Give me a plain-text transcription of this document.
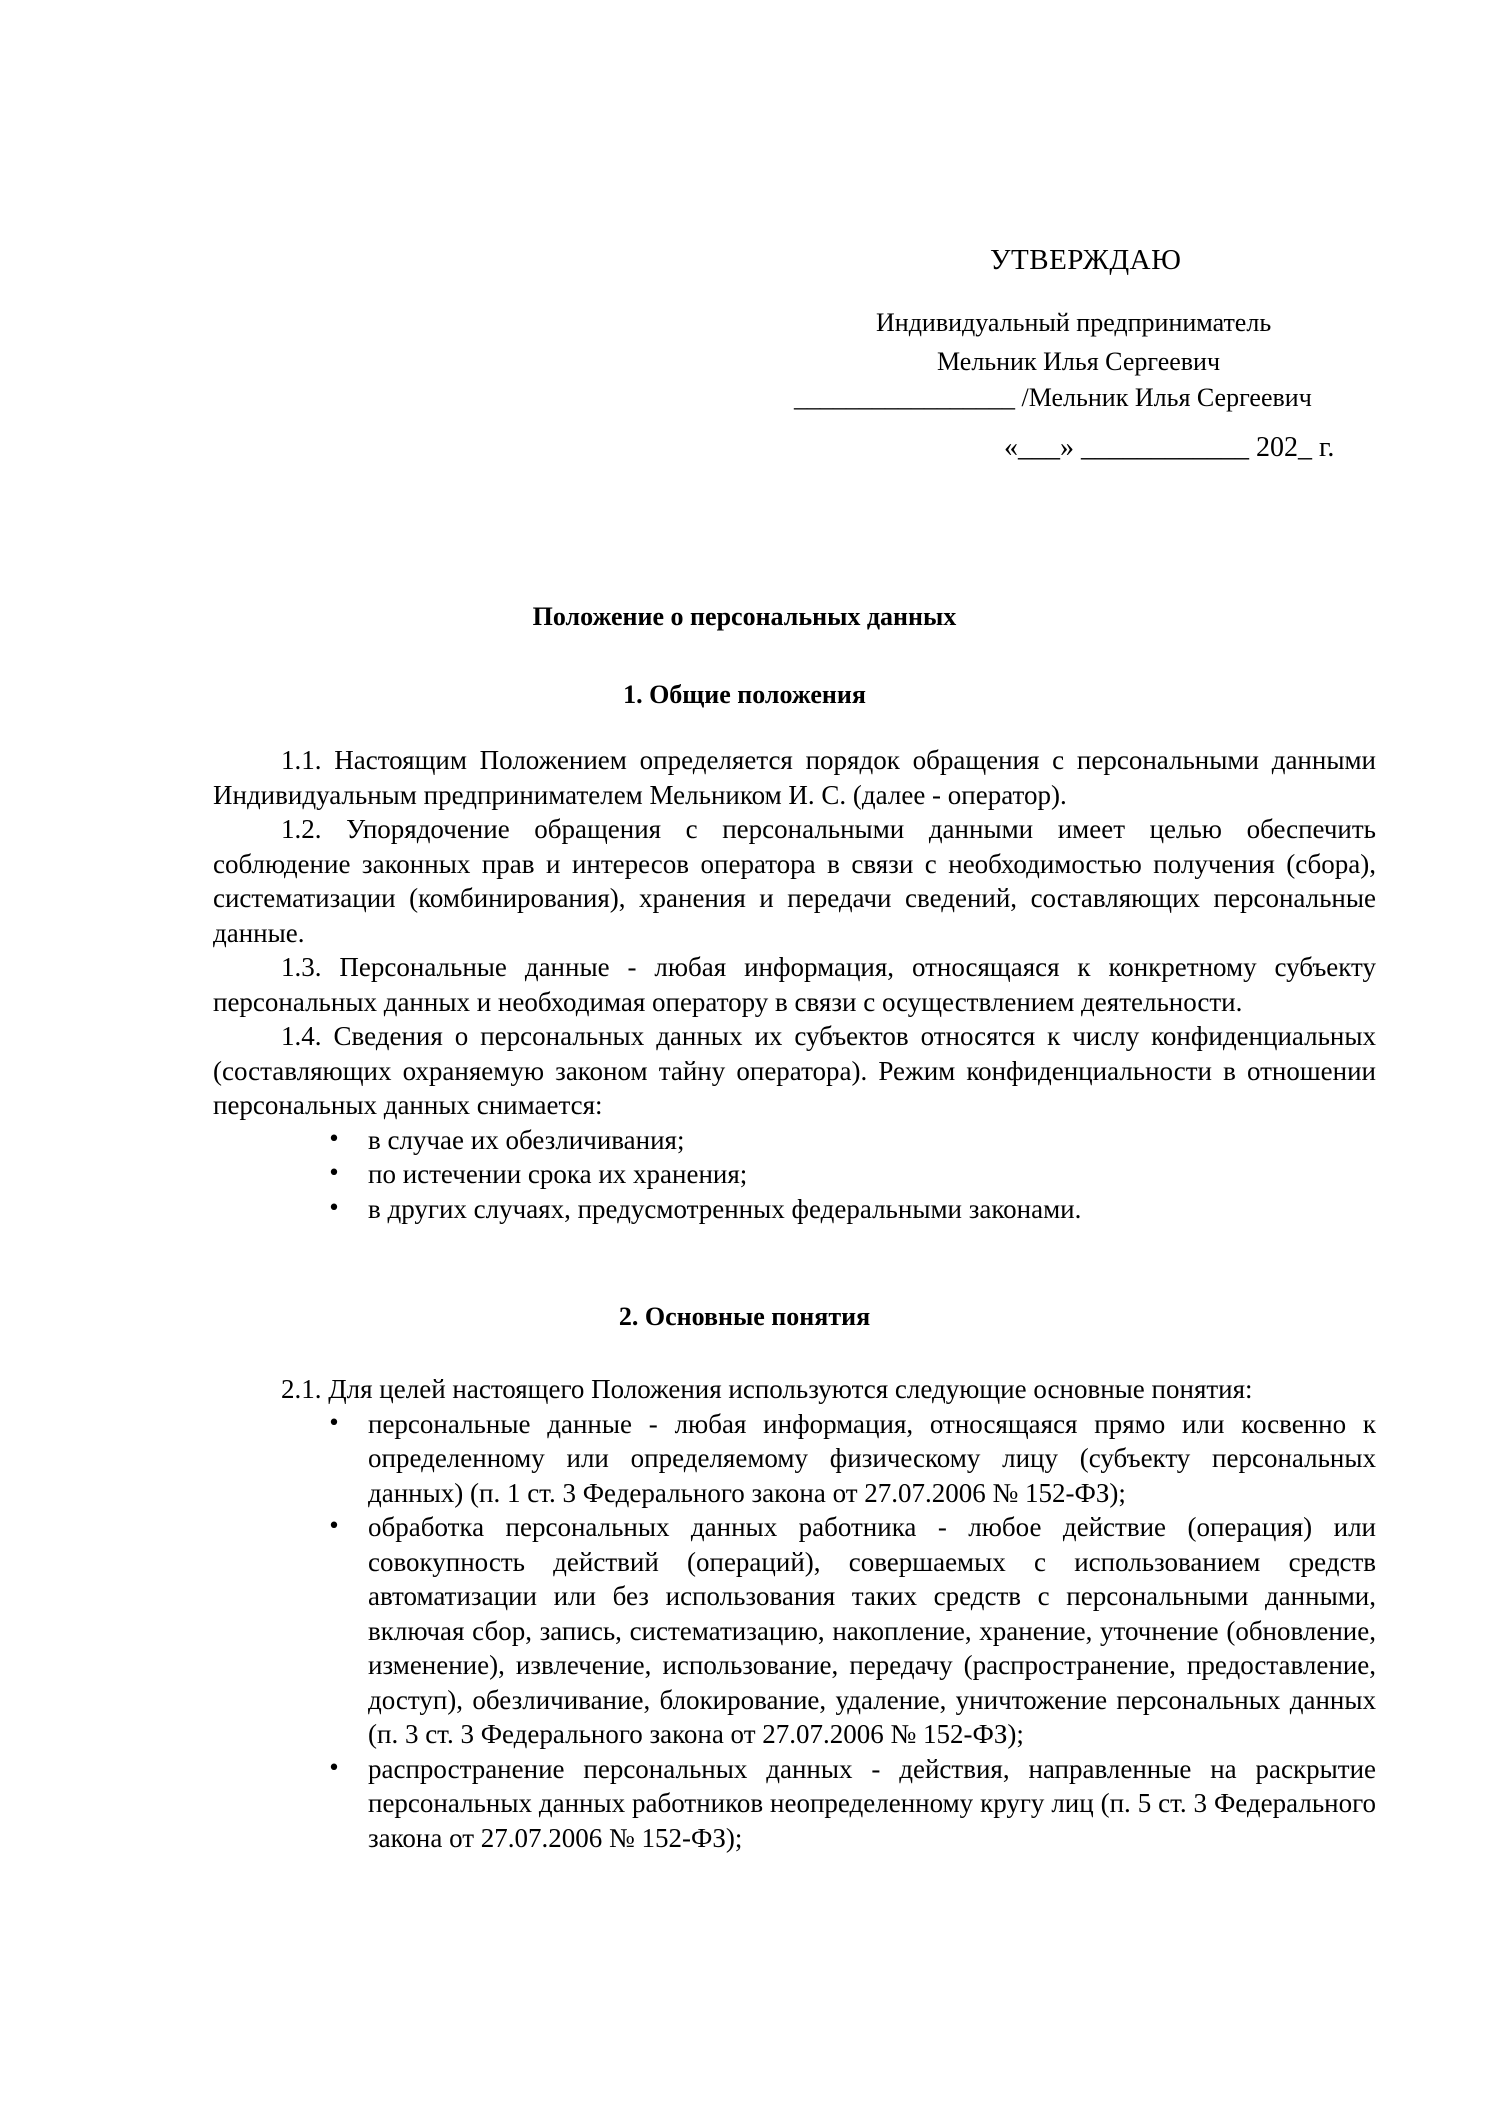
УТВЕРЖДАЮ
Индивидуальный предприниматель
Мельник Илья Сергеевич
_________________ /Мельник Илья Сергеевич
«___» ____________ 202_ г.
Положение о персональных данных
1. Общие положения

1.1. Настоящим Положением определяется порядок обращения с персональными данными Индивидуальным предпринимателем Мельником И. С. (далее - оператор).

1.2. Упорядочение обращения с персональными данными имеет целью обеспечить соблюдение законных прав и интересов оператора в связи с необходимостью получения (сбора), систематизации (комбинирования), хранения и передачи сведений, составляющих персональные данные.

1.3. Персональные данные - любая информация, относящаяся к конкретному субъекту персональных данных и необходимая оператору в связи с осуществлением деятельности.

1.4. Сведения о персональных данных их субъектов относятся к числу конфиденциальных (составляющих охраняемую законом тайну оператора). Режим конфиденциальности в отношении персональных данных снимается:

• в случае их обезличивания;
• по истечении срока их хранения;
• в других случаях, предусмотренных федеральными законами.
2. Основные понятия

2.1. Для целей настоящего Положения используются следующие основные понятия:

• персональные данные - любая информация, относящаяся прямо или косвенно к определенному или определяемому физическому лицу (субъекту персональных данных) (п. 1 ст. 3 Федерального закона от 27.07.2006 № 152-ФЗ);
• обработка персональных данных работника - любое действие (операция) или совокупность действий (операций), совершаемых с использованием средств автоматизации или без использования таких средств с персональными данными, включая сбор, запись, систематизацию, накопление, хранение, уточнение (обновление, изменение), извлечение, использование, передачу (распространение, предоставление, доступ), обезличивание, блокирование, удаление, уничтожение персональных данных (п. 3 ст. 3 Федерального закона от 27.07.2006 № 152-ФЗ);
• распространение персональных данных - действия, направленные на раскрытие персональных данных работников неопределенному кругу лиц (п. 5 ст. 3 Федерального закона от 27.07.2006 № 152-ФЗ);
